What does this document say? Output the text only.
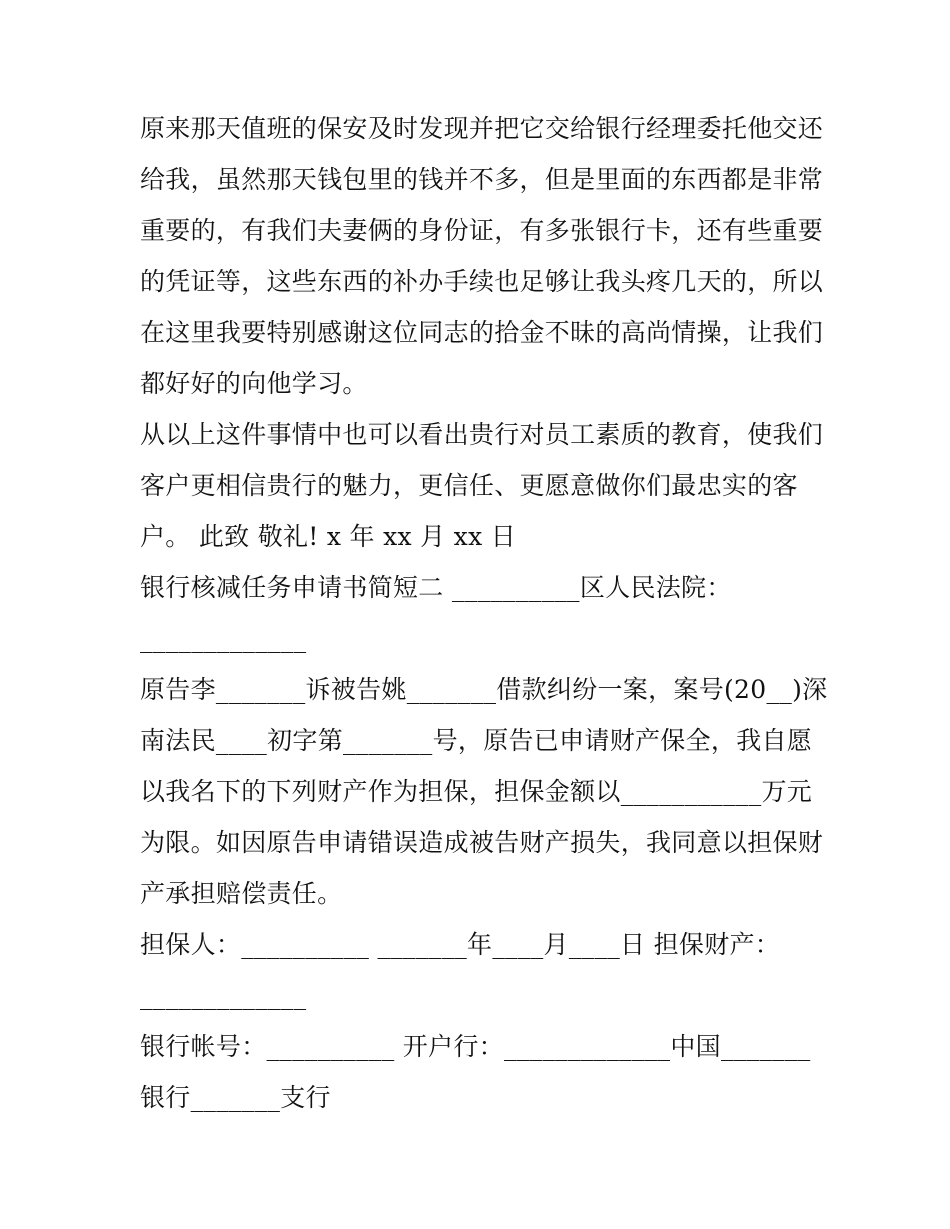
原来那天值班的保安及时发现并把它交给银行经理委托他交还
给我，虽然那天钱包里的钱并不多，但是里面的东西都是非常
重要的，有我们夫妻俩的身份证，有多张银行卡，还有些重要
的凭证等，这些东西的补办手续也足够让我头疼几天的，所以
在这里我要特别感谢这位同志的拾金不昧的高尚情操，让我们
都好好的向他学习。
从以上这件事情中也可以看出贵行对员工素质的教育，使我们
客户更相信贵行的魅力，更信任、更愿意做你们最忠实的客
户。 此致 敬礼! x 年 xx 月 xx 日
银行核减任务申请书简短二 __________区人民法院：
_____________
原告李_______诉被告姚_______借款纠纷一案，案号(20__)深
南法民____初字第_______号，原告已申请财产保全，我自愿
以我名下的下列财产作为担保，担保金额以___________万元
为限。如因原告申请错误造成被告财产损失，我同意以担保财
产承担赔偿责任。
担保人：__________ _______年____月____日 担保财产：
_____________
银行帐号：__________ 开户行：_____________中国_______
银行_______支行
